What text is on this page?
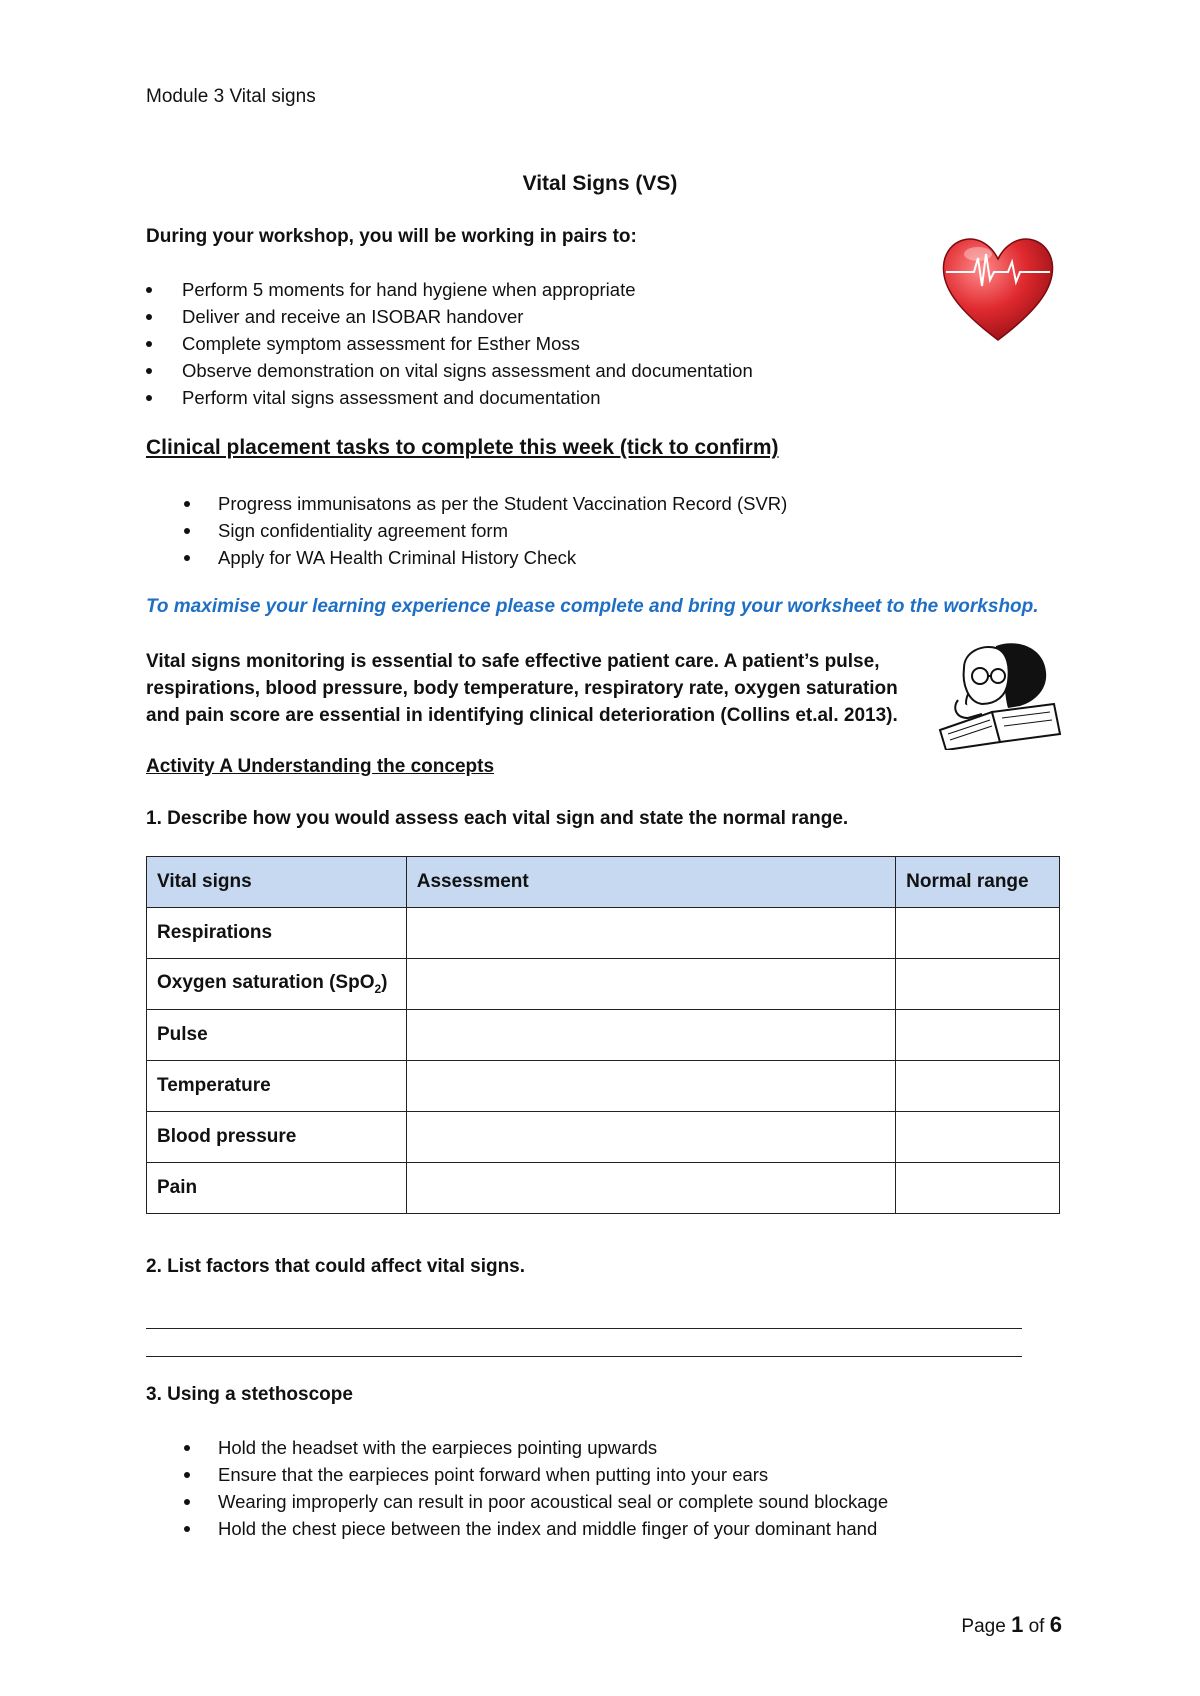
Module 3 Vital signs
Vital Signs (VS)
During your workshop, you will be working in pairs to:
Perform 5 moments for hand hygiene when appropriate
Deliver and receive an ISOBAR handover
Complete symptom assessment for Esther Moss
Observe demonstration on vital signs assessment and documentation
Perform vital signs assessment and documentation
Clinical placement tasks to complete this week (tick to confirm)
Progress immunisatons as per the Student Vaccination Record (SVR)
Sign confidentiality agreement form
Apply for WA Health Criminal History Check
To maximise your learning experience please complete and bring your worksheet to the workshop.
Vital signs monitoring is essential to safe effective patient care. A patient’s pulse, respirations, blood pressure, body temperature, respiratory rate, oxygen saturation and pain score are essential in identifying clinical deterioration (Collins et.al. 2013).
Activity A Understanding the concepts
1. Describe how you would assess each vital sign and state the normal range.
Vital signs	Assessment	Normal range
Respirations		
Oxygen saturation (SpO$_2$)		
Pulse		
Temperature		
Blood pressure		
Pain		
2. List factors that could affect vital signs.
3. Using a stethoscope
Hold the headset with the earpieces pointing upwards
Ensure that the earpieces point forward when putting into your ears
Wearing improperly can result in poor acoustical seal or complete sound blockage
Hold the chest piece between the index and middle finger of your dominant hand
Page 1 of 6
